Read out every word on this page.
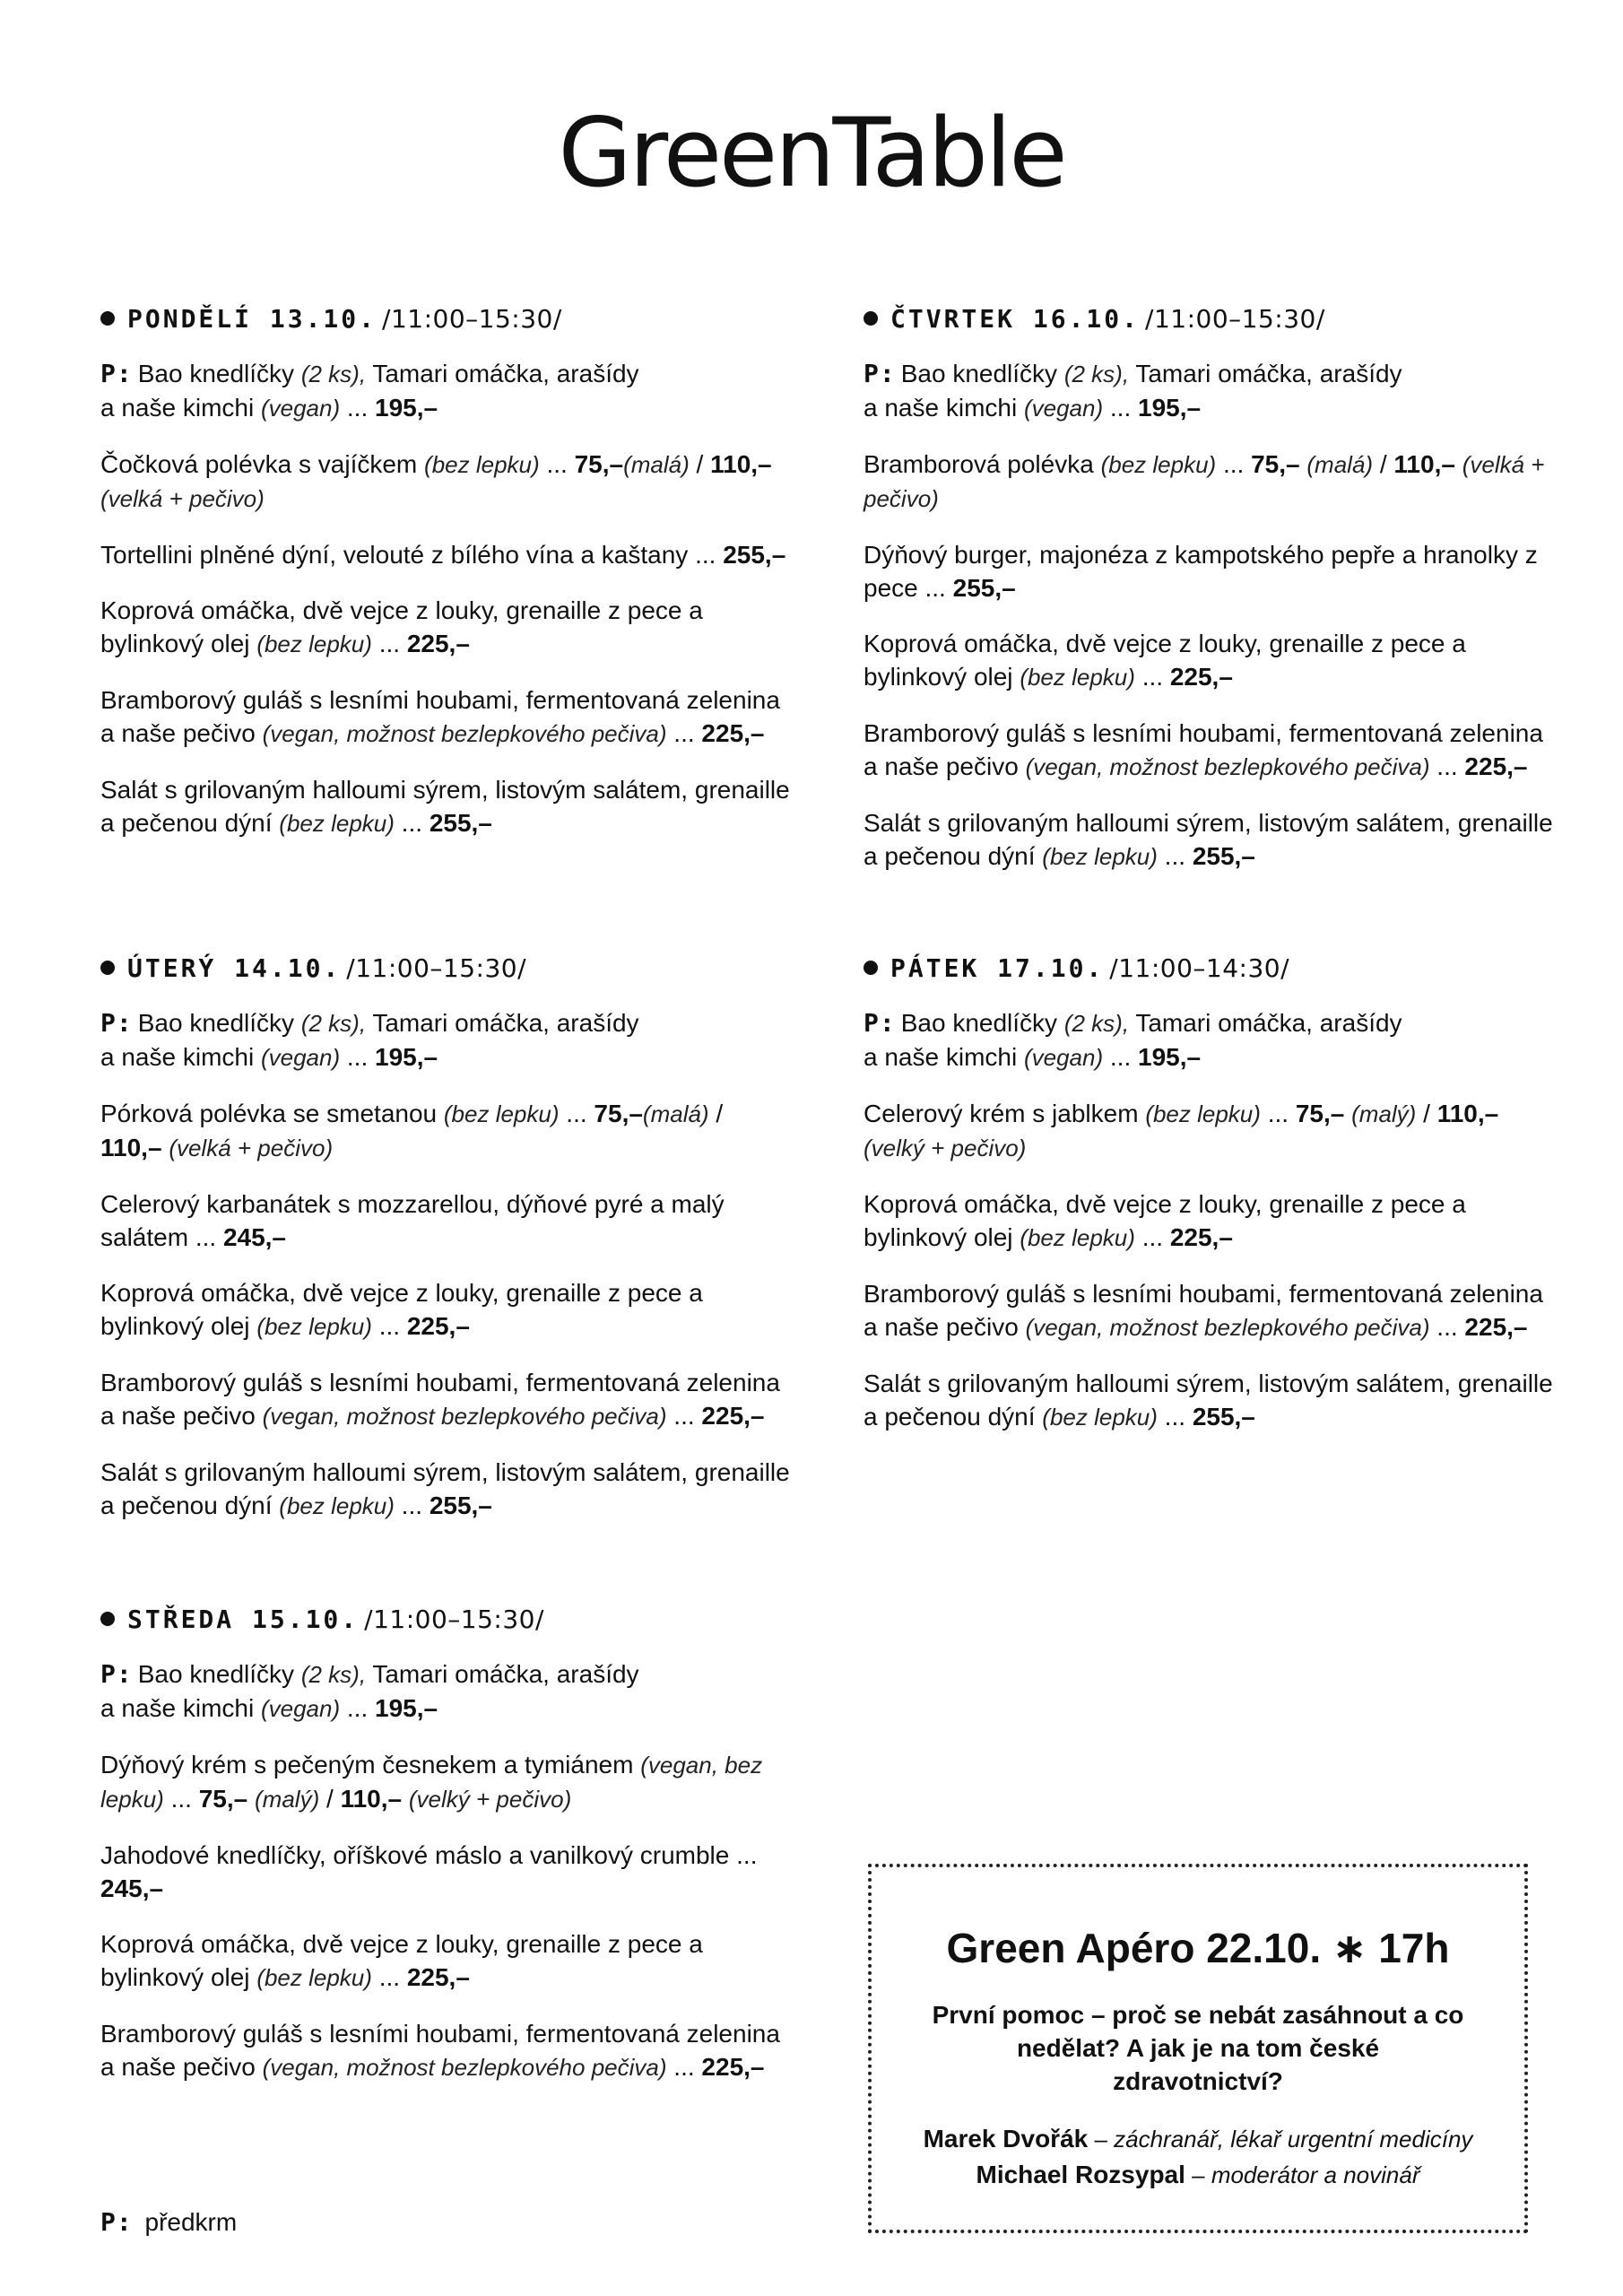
GreenTable
PONDĚLÍ 13.10. /11:00–15:30/
P: Bao knedlíčky (2 ks), Tamari omáčka, arašídy
a naše kimchi (vegan) ... 195,–
Čočková polévka s vajíčkem (bez lepku) ... 75,–(malá) / 110,– (velká + pečivo)
Tortellini plněné dýní, velouté z bílého vína a kaštany ... 255,–
Koprová omáčka, dvě vejce z louky, grenaille z pece a bylinkový olej (bez lepku) ... 225,–
Bramborový guláš s lesními houbami, fermentovaná zelenina a naše pečivo (vegan, možnost bezlepkového pečiva) ... 225,–
Salát s grilovaným halloumi sýrem, listovým salátem, grenaille a pečenou dýní (bez lepku) ... 255,–
ÚTERÝ 14.10. /11:00–15:30/
P: Bao knedlíčky (2 ks), Tamari omáčka, arašídy
a naše kimchi (vegan) ... 195,–
Pórková polévka se smetanou (bez lepku) ... 75,–(malá) / 110,– (velká + pečivo)
Celerový karbanátek s mozzarellou, dýňové pyré a malý salátem ... 245,–
Koprová omáčka, dvě vejce z louky, grenaille z pece a bylinkový olej (bez lepku) ... 225,–
Bramborový guláš s lesními houbami, fermentovaná zelenina a naše pečivo (vegan, možnost bezlepkového pečiva) ... 225,–
Salát s grilovaným halloumi sýrem, listovým salátem, grenaille a pečenou dýní (bez lepku) ... 255,–
STŘEDA 15.10. /11:00–15:30/
P: Bao knedlíčky (2 ks), Tamari omáčka, arašídy
a naše kimchi (vegan) ... 195,–
Dýňový krém s pečeným česnekem a tymiánem (vegan, bez lepku) ... 75,– (malý) / 110,– (velký + pečivo)
Jahodové knedlíčky, oříškové máslo a vanilkový crumble ... 245,–
Koprová omáčka, dvě vejce z louky, grenaille z pece a bylinkový olej (bez lepku) ... 225,–
Bramborový guláš s lesními houbami, fermentovaná zelenina a naše pečivo (vegan, možnost bezlepkového pečiva) ... 225,–
ČTVRTEK 16.10. /11:00–15:30/
P: Bao knedlíčky (2 ks), Tamari omáčka, arašídy
a naše kimchi (vegan) ... 195,–
Bramborová polévka (bez lepku) ... 75,– (malá) / 110,– (velká + pečivo)
Dýňový burger, majonéza z kampotského pepře a hranolky z pece ... 255,–
Koprová omáčka, dvě vejce z louky, grenaille z pece a bylinkový olej (bez lepku) ... 225,–
Bramborový guláš s lesními houbami, fermentovaná zelenina a naše pečivo (vegan, možnost bezlepkového pečiva) ... 225,–
Salát s grilovaným halloumi sýrem, listovým salátem, grenaille a pečenou dýní (bez lepku) ... 255,–
PÁTEK 17.10. /11:00–14:30/
P: Bao knedlíčky (2 ks), Tamari omáčka, arašídy
a naše kimchi (vegan) ... 195,–
Celerový krém s jablkem (bez lepku) ... 75,– (malý) / 110,– (velký + pečivo)
Koprová omáčka, dvě vejce z louky, grenaille z pece a bylinkový olej (bez lepku) ... 225,–
Bramborový guláš s lesními houbami, fermentovaná zelenina a naše pečivo (vegan, možnost bezlepkového pečiva) ... 225,–
Salát s grilovaným halloumi sýrem, listovým salátem, grenaille a pečenou dýní (bez lepku) ... 255,–
P: předkrm
Green Apéro 22.10. ∗ 17h
První pomoc – proč se nebát zasáhnout a co nedělat? A jak je na tom české zdravotnictví?
Marek Dvořák – záchranář, lékař urgentní medicíny
Michael Rozsypal – moderátor a novinář
